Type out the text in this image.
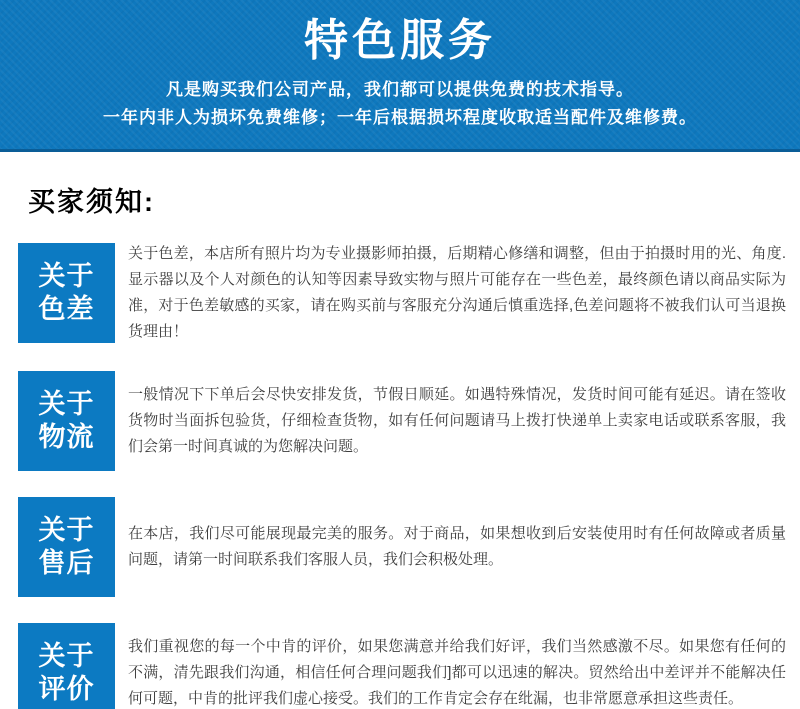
特色服务
凡是购买我们公司产品，我们都可以提供免费的技术指导。
一年内非人为损坏免费维修；一年后根据损坏程度收取适当配件及维修费。
买家须知:
关于
色差
关于色差，本店所有照片均为专业摄影师拍摄，后期精心修缮和调整，但由于拍摄时用的光、角度.显示器以及个人对颜色的认知等因素导致实物与照片可能存在一些色差，最终颜色请以商品实际为准，对于色差敏感的买家，请在购买前与客服充分沟通后慎重选择,色差问题将不被我们认可当退换货理由！
关于
物流
一般情况下下单后会尽快安排发货，节假日顺延。如遇特殊情况，发货时间可能有延迟。请在签收货物时当面拆包验货，仔细检查货物，如有任何问题请马上拨打快递单上卖家电话或联系客服，我们会第一时间真诚的为您解决问题。
关于
售后
在本店，我们尽可能展现最完美的服务。对于商品，如果想收到后安装使用时有任何故障或者质量问题，请第一时间联系我们客服人员，我们会积极处理。
关于
评价
我们重视您的每一个中肯的评价，如果您满意并给我们好评，我们当然感激不尽。如果您有任何的不满，清先跟我们沟通，相信任何合理问题我们]都可以迅速的解决。贸然给出中差评并不能解决任何可题，中肯的批评我们虚心接受。我们的工作肯定会存在纰漏，也非常愿意承担这些责任。
